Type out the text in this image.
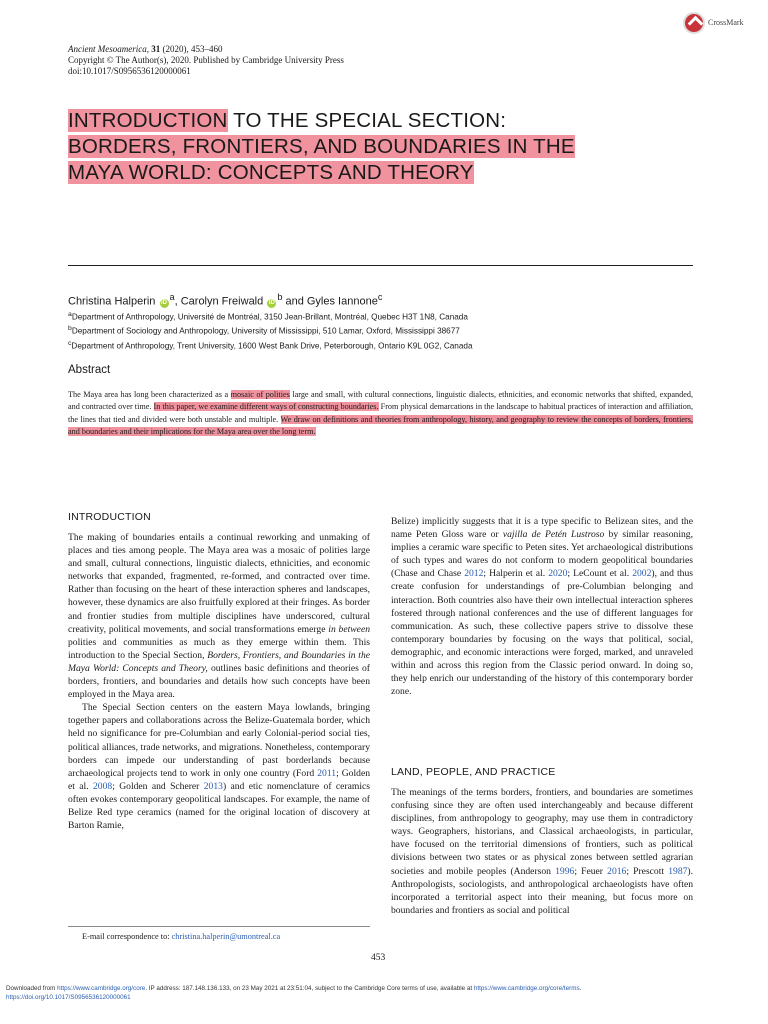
Ancient Mesoamerica, 31 (2020), 453–460
Copyright © The Author(s), 2020. Published by Cambridge University Press
doi:10.1017/S0956536120000061
CrossMark
INTRODUCTION TO THE SPECIAL SECTION:
BORDERS, FRONTIERS, AND BOUNDARIES IN THE
MAYA WORLD: CONCEPTS AND THEORY
Christina Halperin $iD^a$, Carolyn Freiwald $iD^b$ and Gyles Iannone$^c$
$^a$Department of Anthropology, Université de Montréal, 3150 Jean-Brillant, Montréal, Quebec H3T 1N8, Canada
$^b$Department of Sociology and Anthropology, University of Mississippi, 510 Lamar, Oxford, Mississippi 38677
$^c$Department of Anthropology, Trent University, 1600 West Bank Drive, Peterborough, Ontario K9L 0G2, Canada
Abstract
The Maya area has long been characterized as a mosaic of polities large and small, with cultural connections, linguistic dialects, ethnicities, and economic networks that shifted, expanded, and contracted over time. In this paper, we examine different ways of constructing boundaries. From physical demarcations in the landscape to habitual practices of interaction and affiliation, the lines that tied and divided were both unstable and multiple. We draw on definitions and theories from anthropology, history, and geography to review the concepts of borders, frontiers, and boundaries and their implications for the Maya area over the long term.
INTRODUCTION

The making of boundaries entails a continual reworking and unmaking of places and ties among people. The Maya area was a mosaic of polities large and small, cultural connections, linguistic dialects, ethnicities, and economic networks that expanded, fragmented, re-formed, and contracted over time. Rather than focusing on the heart of these interaction spheres and landscapes, however, these dynamics are also fruitfully explored at their fringes. As border and frontier studies from multiple disciplines have underscored, cultural creativity, political movements, and social transformations emerge in between polities and communities as much as they emerge within them. This introduction to the Special Section, Borders, Frontiers, and Boundaries in the Maya World: Concepts and Theory, outlines basic definitions and theories of borders, frontiers, and boundaries and details how such concepts have been employed in the Maya area.

The Special Section centers on the eastern Maya lowlands, bringing together papers and collaborations across the Belize-Guatemala border, which held no significance for pre-Columbian and early Colonial-period social ties, political alliances, trade networks, and migrations. Nonetheless, contemporary borders can impede our understanding of past borderlands because archaeological projects tend to work in only one country (Ford 2011; Golden et al. 2008; Golden and Scherer 2013) and etic nomenclature of ceramics often evokes contemporary geopolitical landscapes. For example, the name of Belize Red type ceramics (named for the original location of discovery at Barton Ramie,

Belize) implicitly suggests that it is a type specific to Belizean sites, and the name Peten Gloss ware or vajilla de Petén Lustroso by similar reasoning, implies a ceramic ware specific to Peten sites. Yet archaeological distributions of such types and wares do not conform to modern geopolitical boundaries (Chase and Chase 2012; Halperin et al. 2020; LeCount et al. 2002), and thus create confusion for understandings of pre-Columbian belonging and interaction. Both countries also have their own intellectual interaction spheres fostered through national conferences and the use of different languages for communication. As such, these collective papers strive to dissolve these contemporary boundaries by focusing on the ways that political, social, demographic, and economic interactions were forged, marked, and unraveled within and across this region from the Classic period onward. In doing so, they help enrich our understanding of the history of this contemporary border zone.

LAND, PEOPLE, AND PRACTICE

The meanings of the terms borders, frontiers, and boundaries are sometimes confusing since they are often used interchangeably and because different disciplines, from anthropology to geography, may use them in contradictory ways. Geographers, historians, and Classical archaeologists, in particular, have focused on the territorial dimensions of frontiers, such as political divisions between two states or as physical zones between settled agrarian societies and mobile peoples (Anderson 1996; Feuer 2016; Prescott 1987). Anthropologists, sociologists, and anthropological archaeologists have often incorporated a territorial aspect into their meaning, but focus more on boundaries and frontiers as social and political

E-mail correspondence to: christina.halperin@umontreal.ca
453
Downloaded from https://www.cambridge.org/core. IP address: 187.148.136.133, on 23 May 2021 at 23:51:04, subject to the Cambridge Core terms of use, available at https://www.cambridge.org/core/terms.
https://doi.org/10.1017/S0956536120000061
